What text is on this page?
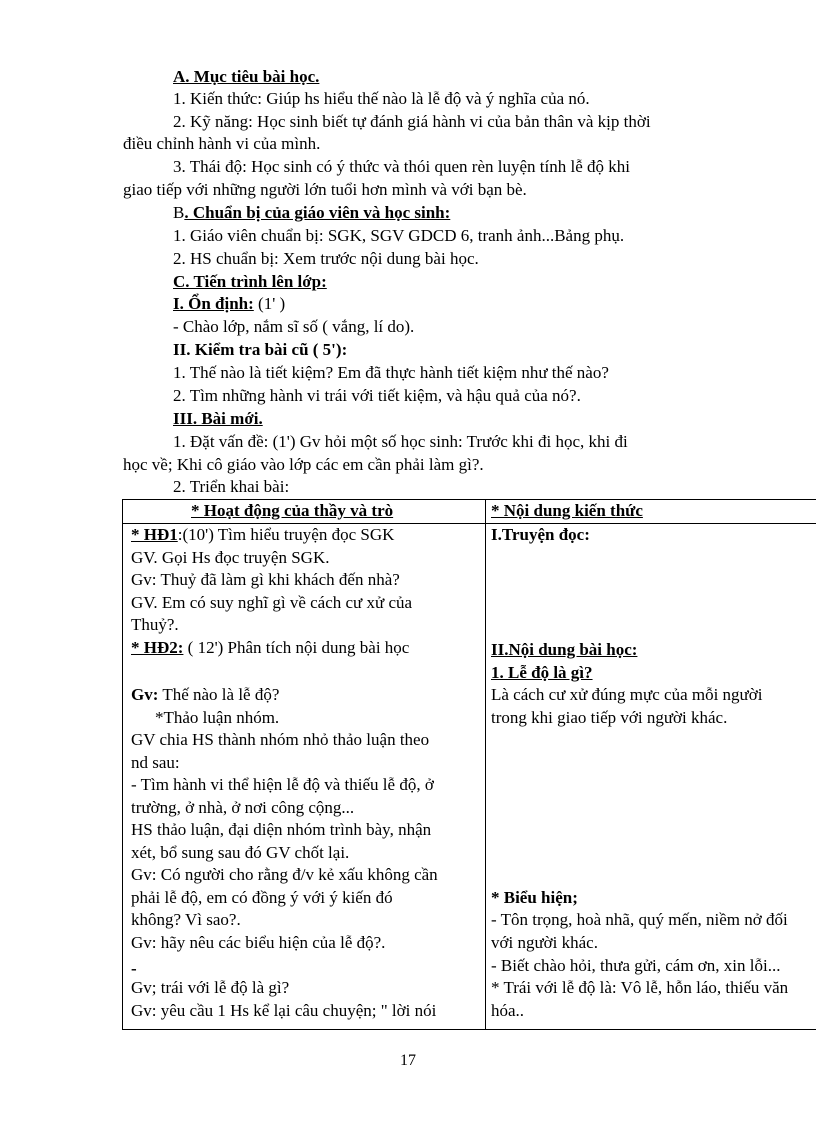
A. Mục tiêu bài học.
1. Kiến thức: Giúp hs hiểu thế nào là lễ độ và ý nghĩa của nó.
2. Kỹ năng: Học sinh biết tự đánh giá hành vi của bản thân và kịp thời
điều chỉnh hành vi của mình.
3. Thái độ: Học sinh có ý thức và thói quen rèn luyện tính lễ độ khi
giao tiếp với những người lớn tuổi hơn mình và với bạn bè.
B. Chuẩn bị của giáo viên và học sinh:
1. Giáo viên chuẩn bị: SGK, SGV GDCD 6, tranh ảnh...Bảng phụ.
2. HS chuẩn bị: Xem trước nội dung bài học.
C. Tiến trình lên lớp:
I. Ổn định: (1' )
- Chào lớp, nắm sĩ số ( vắng, lí do).
II. Kiểm tra bài cũ ( 5'):
1. Thế nào là tiết kiệm? Em đã thực hành tiết kiệm như thế nào?
2. Tìm những hành vi trái với tiết kiệm, và hậu quả của nó?.
III. Bài mới.
1. Đặt vấn đề: (1') Gv hỏi một số học sinh: Trước khi đi học, khi đi
học về; Khi cô giáo vào lớp các em cần phải làm gì?.
2. Triển khai bài:
* Hoạt động của thầy và trò	* Nội dung kiến thức
* HĐ1:(10') Tìm hiểu truyện đọc SGK
GV. Gọi Hs đọc truyện SGK.
Gv: Thuỷ đã làm gì khi khách đến nhà?
GV. Em có suy nghĩ gì về cách cư xử của
Thuỷ?.
* HĐ2: ( 12') Phân tích nội dung bài học
Gv: Thế nào là lễ độ?
*Thảo luận nhóm.
GV chia HS thành nhóm nhỏ thảo luận theo
nd sau:
- Tìm hành vi thể hiện lễ độ và thiếu lễ độ, ở
trường, ở nhà, ở nơi công cộng...
HS thảo luận, đại diện nhóm trình bày, nhận
xét, bổ sung sau đó GV chốt lại.
Gv: Có người cho rằng đ/v kẻ xấu không cần
phải lễ độ, em có đồng ý với ý kiến đó
không? Vì sao?.
Gv: hãy nêu các biểu hiện của lễ độ?.
-
Gv; trái với lễ độ là gì?
Gv: yêu cầu 1 Hs kể lại câu chuyện; " lời nói
I.Truyện đọc:
II.Nội dung bài học:
1. Lễ độ là gì?
Là cách cư xử đúng mực của mỗi người
trong khi giao tiếp với người khác.
* Biểu hiện;
- Tôn trọng, hoà nhã, quý mến, niềm nở đối
với người khác.
- Biết chào hỏi, thưa gửi, cám ơn, xin lỗi...
* Trái với lễ độ là: Vô lễ, hỗn láo, thiếu văn
hóa..
17
